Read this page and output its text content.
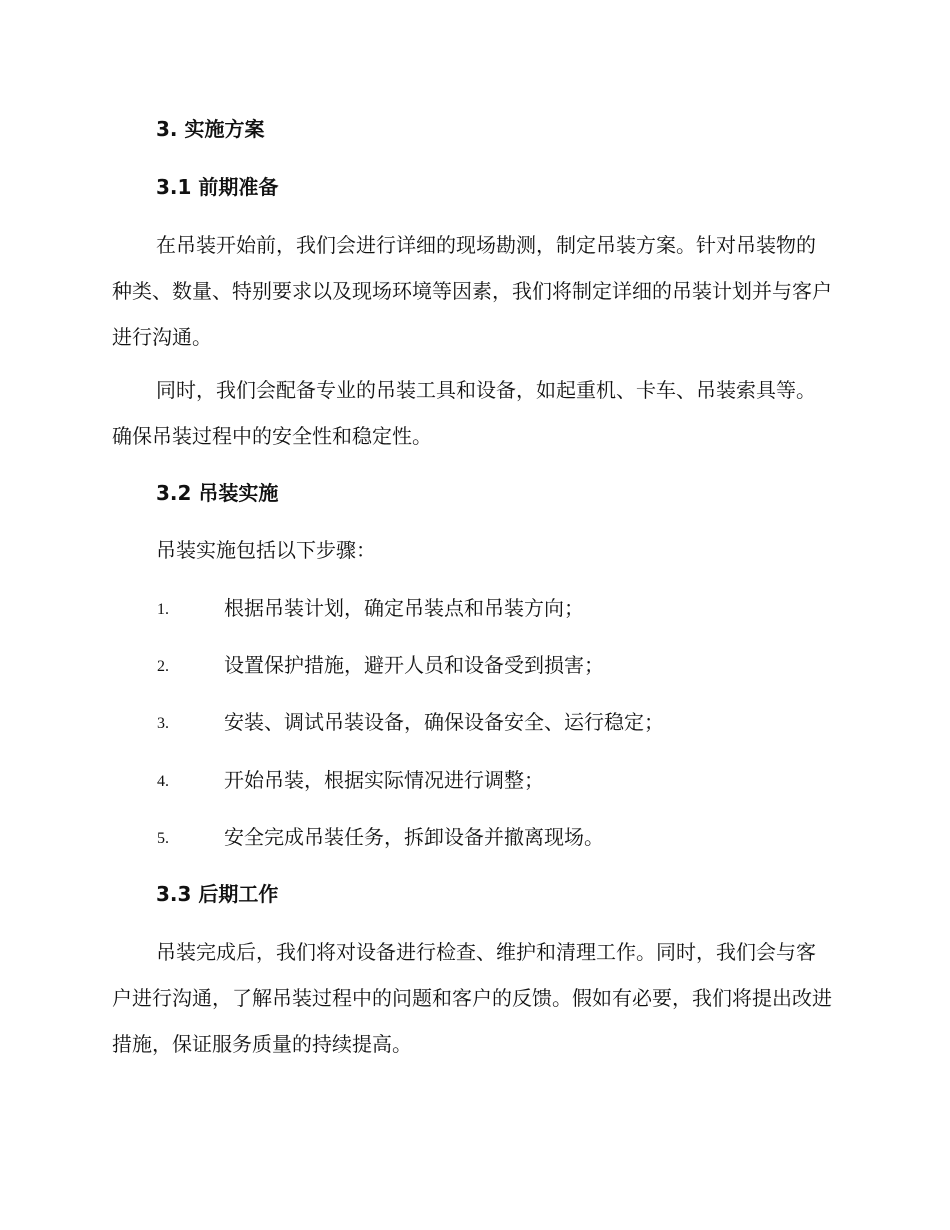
3. 实施方案
3.1 前期准备

在吊装开始前，我们会进行详细的现场勘测，制定吊装方案。针对吊装物的种类、数量、特别要求以及现场环境等因素，我们将制定详细的吊装计划并与客户进行沟通。

同时，我们会配备专业的吊装工具和设备，如起重机、卡车、吊装索具等。确保吊装过程中的安全性和稳定性。

3.2 吊装实施
吊装实施包括以下步骤：
1.	根据吊装计划，确定吊装点和吊装方向；
2.	设置保护措施，避开人员和设备受到损害；
3.	安装、调试吊装设备，确保设备安全、运行稳定；
4.	开始吊装，根据实际情况进行调整；
5.	安全完成吊装任务，拆卸设备并撤离现场。
3.3 后期工作

吊装完成后，我们将对设备进行检查、维护和清理工作。同时，我们会与客户进行沟通，了解吊装过程中的问题和客户的反馈。假如有必要，我们将提出改进措施，保证服务质量的持续提高。
